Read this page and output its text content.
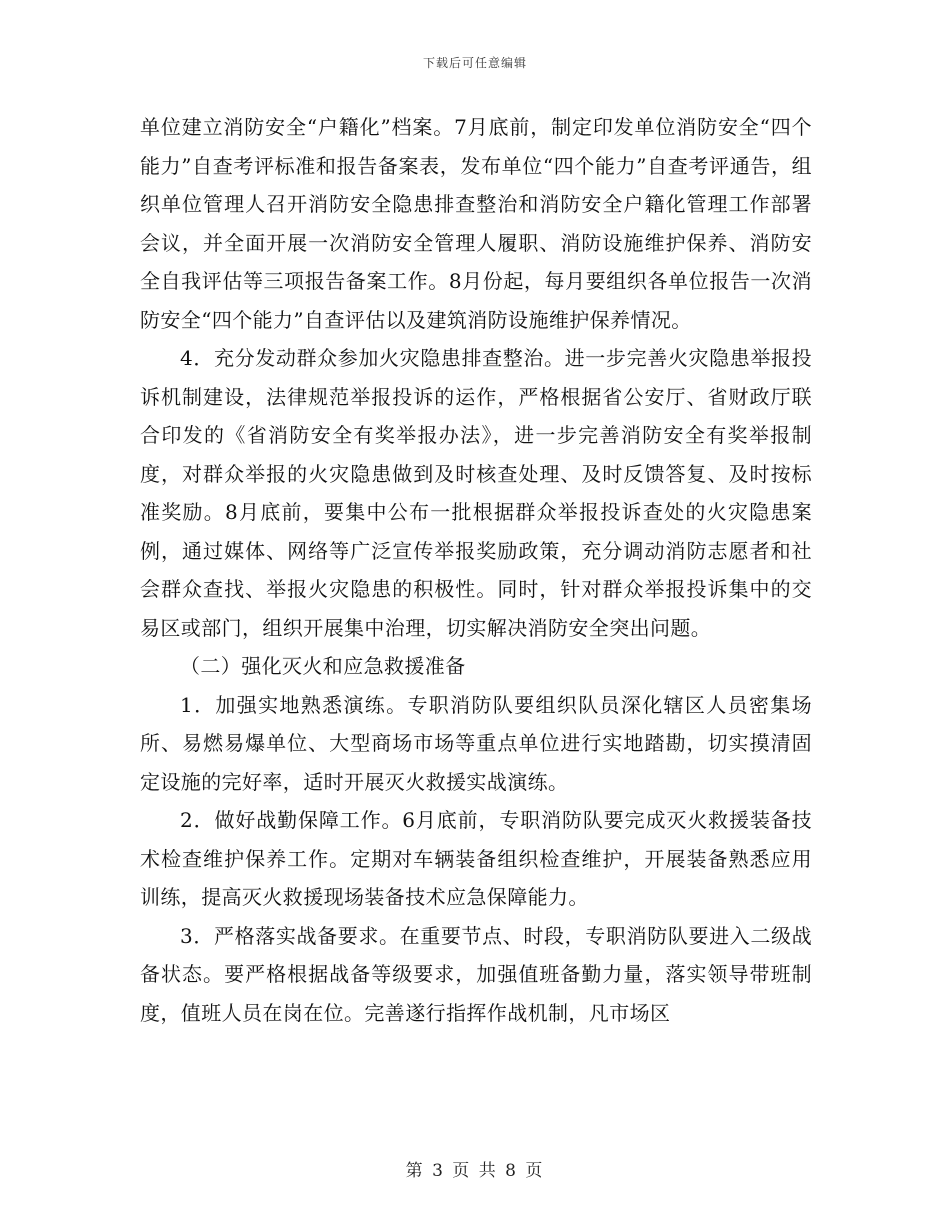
下载后可任意编辑

单位建立消防安全“户籍化”档案。7月底前，制定印发单位消防安全“四个能力”自查考评标准和报告备案表，发布单位“四个能力”自查考评通告，组织单位管理人召开消防安全隐患排查整治和消防安全户籍化管理工作部署会议，并全面开展一次消防安全管理人履职、消防设施维护保养、消防安全自我评估等三项报告备案工作。8月份起，每月要组织各单位报告一次消防安全“四个能力”自查评估以及建筑消防设施维护保养情况。

4．充分发动群众参加火灾隐患排查整治。进一步完善火灾隐患举报投诉机制建设，法律规范举报投诉的运作，严格根据省公安厅、省财政厅联合印发的《省消防安全有奖举报办法》，进一步完善消防安全有奖举报制度，对群众举报的火灾隐患做到及时核查处理、及时反馈答复、及时按标准奖励。8月底前，要集中公布一批根据群众举报投诉查处的火灾隐患案例，通过媒体、网络等广泛宣传举报奖励政策，充分调动消防志愿者和社会群众查找、举报火灾隐患的积极性。同时，针对群众举报投诉集中的交易区或部门，组织开展集中治理，切实解决消防安全突出问题。

（二）强化灭火和应急救援准备

1．加强实地熟悉演练。专职消防队要组织队员深化辖区人员密集场所、易燃易爆单位、大型商场市场等重点单位进行实地踏勘，切实摸清固定设施的完好率，适时开展灭火救援实战演练。

2．做好战勤保障工作。6月底前，专职消防队要完成灭火救援装备技术检查维护保养工作。定期对车辆装备组织检查维护，开展装备熟悉应用训练，提高灭火救援现场装备技术应急保障能力。

3．严格落实战备要求。在重要节点、时段，专职消防队要进入二级战备状态。要严格根据战备等级要求，加强值班备勤力量，落实领导带班制度，值班人员在岗在位。完善遂行指挥作战机制，凡市场区

第 3 页 共 8 页
